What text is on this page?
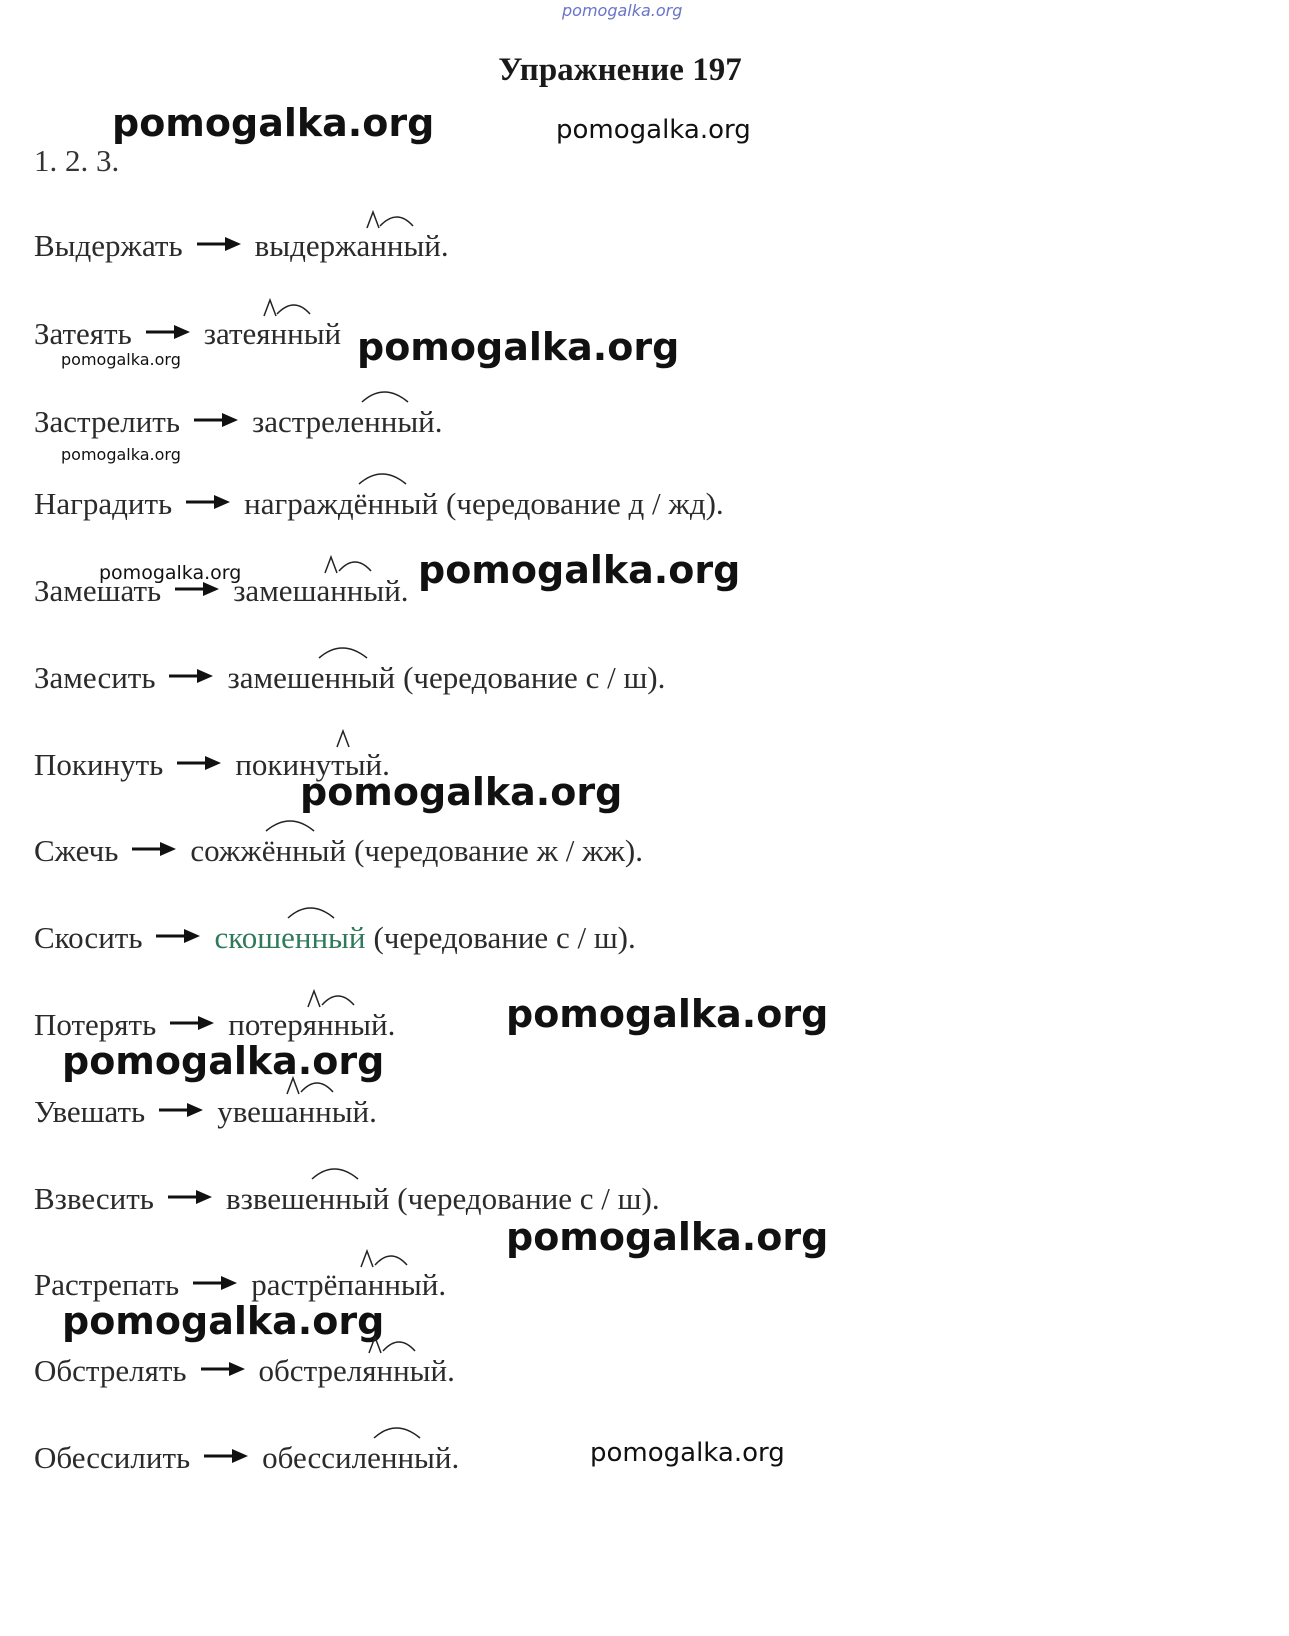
pomogalka.org
Упражнение 197
1. 2. 3.
pomogalka.org	pomogalka.org
pomogalka.org
pomogalka.org
pomogalka.org
pomogalka.org	pomogalka.org
pomogalka.org
pomogalka.org
pomogalka.org
pomogalka.org
pomogalka.org
pomogalka.org
Выдержать выдержанный.
Затеять затеянный
Застрелить застреленный.
Наградить награждённый (чередование д / жд).
Замешать замешанный.
Замесить замешенный (чередование с / ш).
Покинуть покинутый.
Сжечь сожжённый (чередование ж / жж).
Скосить скошенный (чередование с / ш).
Потерять потерянный.
Увешать увешанный.
Взвесить взвешенный (чередование с / ш).
Растрепать растрёпанный.
Обстрелять обстрелянный.
Обессилить обессиленный.
